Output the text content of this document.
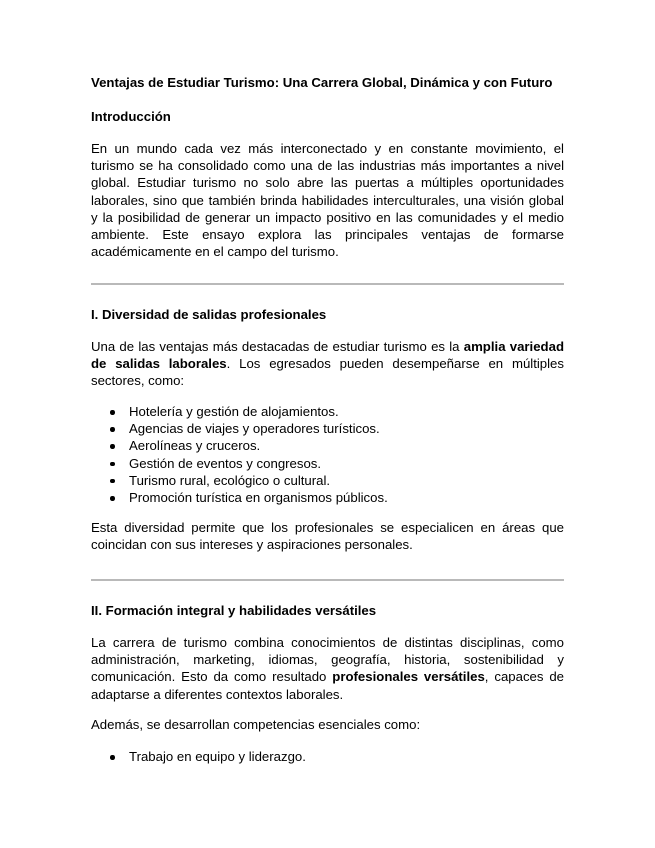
Ventajas de Estudiar Turismo: Una Carrera Global, Dinámica y con Futuro
Introducción

En un mundo cada vez más interconectado y en constante movimiento, el turismo se ha consolidado como una de las industrias más importantes a nivel global. Estudiar turismo no solo abre las puertas a múltiples oportunidades laborales, sino que también brinda habilidades interculturales, una visión global y la posibilidad de generar un impacto positivo en las comunidades y el medio ambiente. Este ensayo explora las principales ventajas de formarse académicamente en el campo del turismo.

I. Diversidad de salidas profesionales

Una de las ventajas más destacadas de estudiar turismo es la amplia variedad de salidas laborales. Los egresados pueden desempeñarse en múltiples sectores, como:

Hotelería y gestión de alojamientos.
Agencias de viajes y operadores turísticos.
Aerolíneas y cruceros.
Gestión de eventos y congresos.
Turismo rural, ecológico o cultural.
Promoción turística en organismos públicos.

Esta diversidad permite que los profesionales se especialicen en áreas que coincidan con sus intereses y aspiraciones personales.

II. Formación integral y habilidades versátiles

La carrera de turismo combina conocimientos de distintas disciplinas, como administración, marketing, idiomas, geografía, historia, sostenibilidad y comunicación. Esto da como resultado profesionales versátiles, capaces de adaptarse a diferentes contextos laborales.

Además, se desarrollan competencias esenciales como:

Trabajo en equipo y liderazgo.
